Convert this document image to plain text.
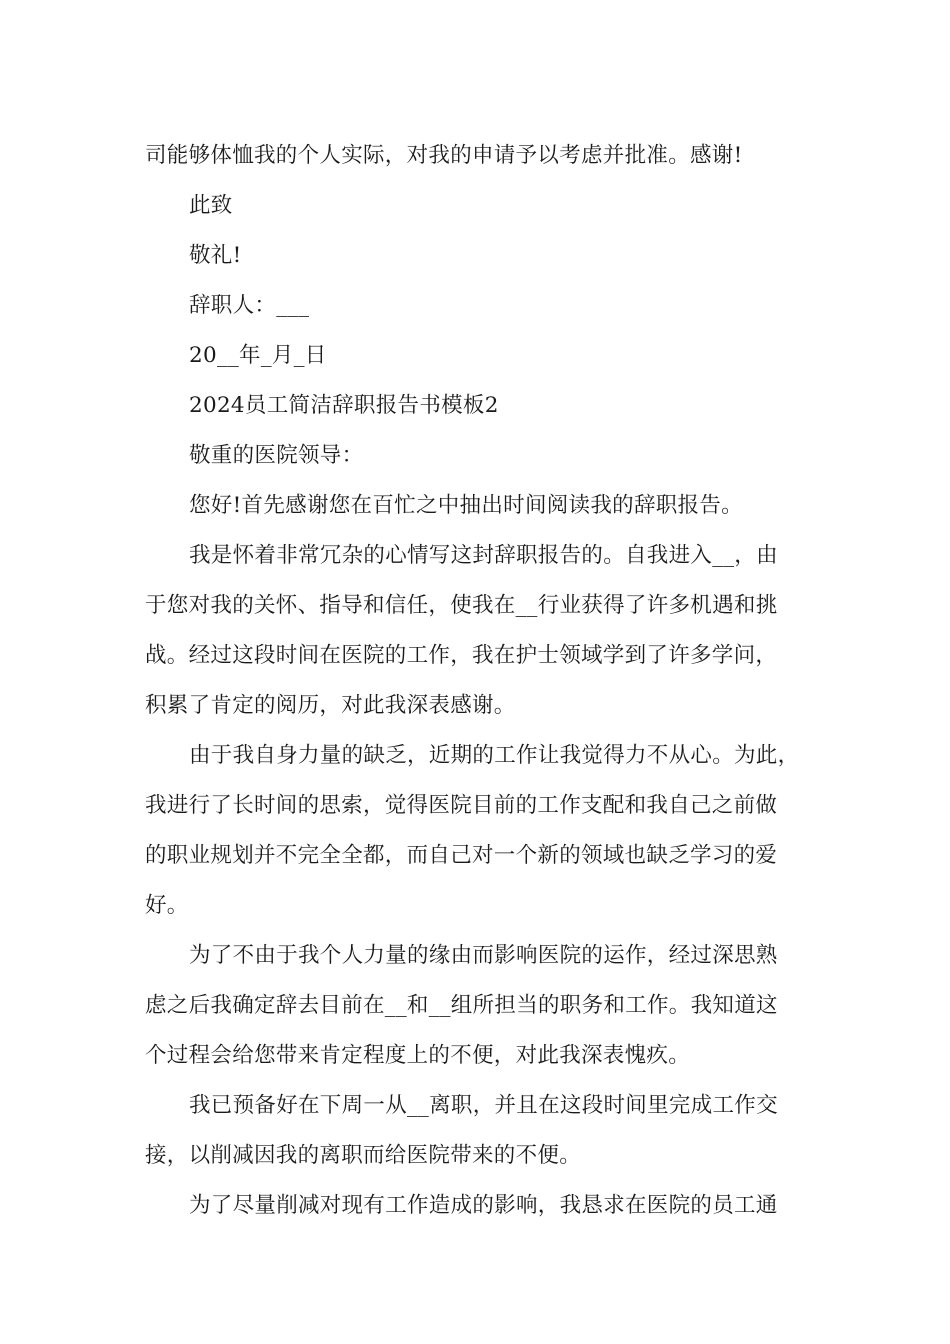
司能够体恤我的个人实际，对我的申请予以考虑并批准。感谢!
此致
敬礼!
辞职人：___
20__年_月_日
2024员工简洁辞职报告书模板2
敬重的医院领导：
您好!首先感谢您在百忙之中抽出时间阅读我的辞职报告。
我是怀着非常冗杂的心情写这封辞职报告的。自我进入__，由
于您对我的关怀、指导和信任，使我在__行业获得了许多机遇和挑
战。经过这段时间在医院的工作，我在护士领域学到了许多学问，
积累了肯定的阅历，对此我深表感谢。
由于我自身力量的缺乏，近期的工作让我觉得力不从心。为此，
我进行了长时间的思索，觉得医院目前的工作支配和我自己之前做
的职业规划并不完全全都，而自己对一个新的领域也缺乏学习的爱
好。
为了不由于我个人力量的缘由而影响医院的运作，经过深思熟
虑之后我确定辞去目前在__和__组所担当的职务和工作。我知道这
个过程会给您带来肯定程度上的不便，对此我深表愧疚。
我已预备好在下周一从__离职，并且在这段时间里完成工作交
接，以削减因我的离职而给医院带来的不便。
为了尽量削减对现有工作造成的影响，我恳求在医院的员工通
